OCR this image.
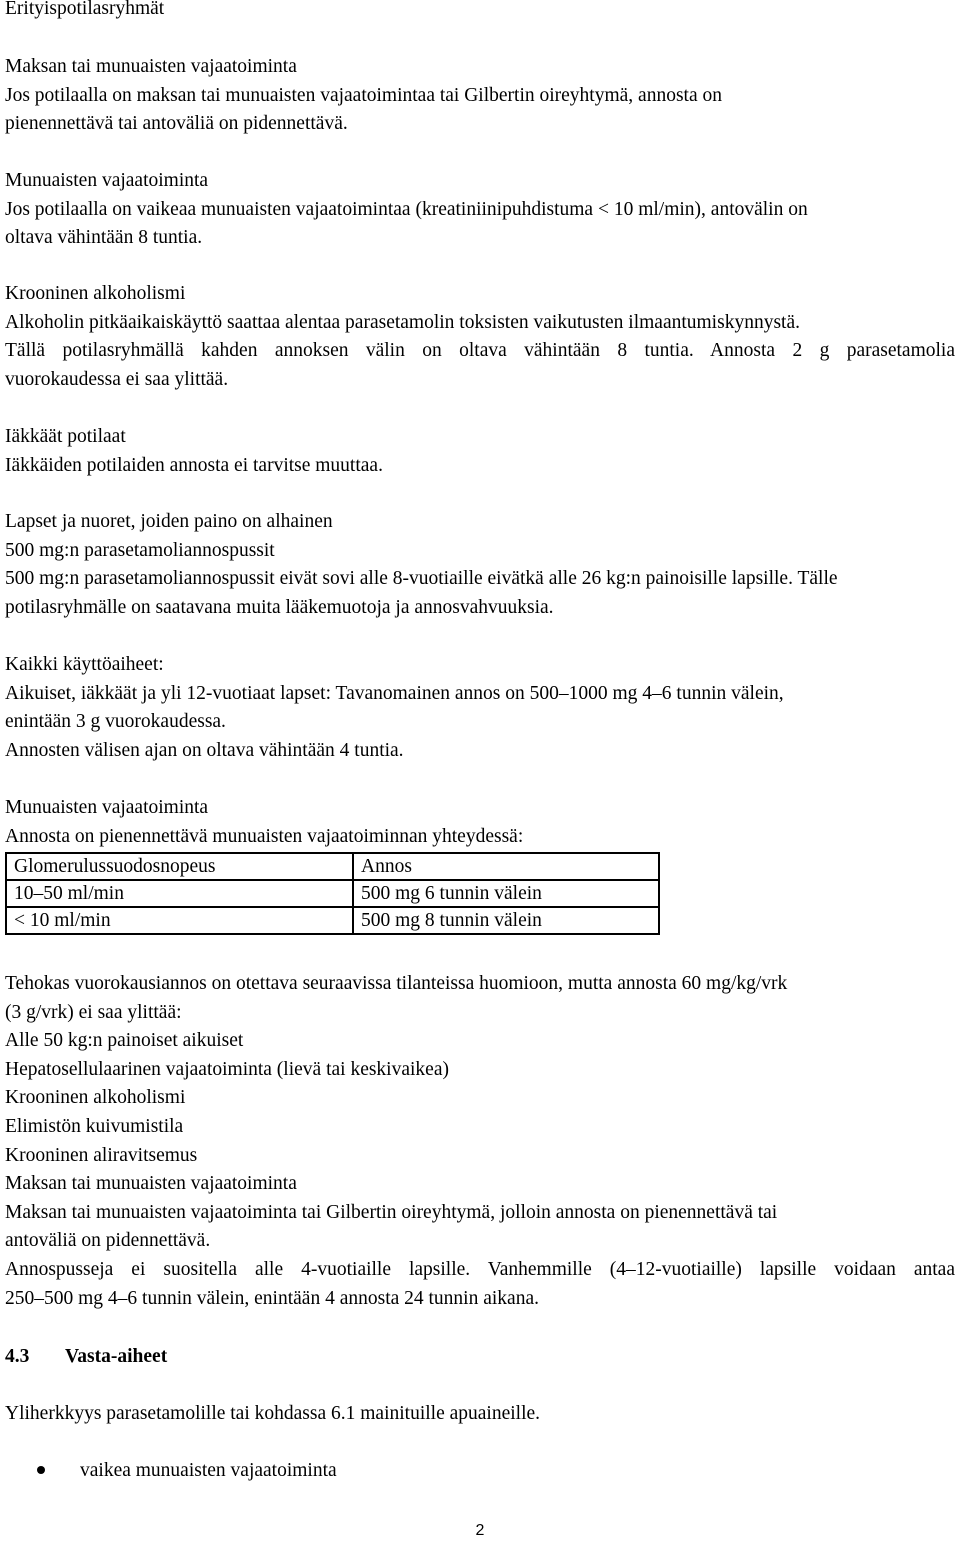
Erityispotilasryhmät
Maksan tai munuaisten vajaatoiminta
Jos potilaalla on maksan tai munuaisten vajaatoimintaa tai Gilbertin oireyhtymä, annosta on
pienennettävä tai antoväliä on pidennettävä.
Munuaisten vajaatoiminta
Jos potilaalla on vaikeaa munuaisten vajaatoimintaa (kreatiniinipuhdistuma < 10 ml/min), antovälin on
oltava vähintään 8 tuntia.
Krooninen alkoholismi
Alkoholin pitkäaikaiskäyttö saattaa alentaa parasetamolin toksisten vaikutusten ilmaantumiskynnystä.
Tällä potilasryhmällä kahden annoksen välin on oltava vähintään 8 tuntia. Annosta 2 g parasetamolia
vuorokaudessa ei saa ylittää.
Iäkkäät potilaat
Iäkkäiden potilaiden annosta ei tarvitse muuttaa.
Lapset ja nuoret, joiden paino on alhainen
500 mg:n parasetamoliannospussit
500 mg:n parasetamoliannospussit eivät sovi alle 8-vuotiaille eivätkä alle 26 kg:n painoisille lapsille. Tälle
potilasryhmälle on saatavana muita lääkemuotoja ja annosvahvuuksia.
Kaikki käyttöaiheet:
Aikuiset, iäkkäät ja yli 12-vuotiaat lapset: Tavanomainen annos on 500–1000 mg 4–6 tunnin välein,
enintään 3 g vuorokaudessa.
Annosten välisen ajan on oltava vähintään 4 tuntia.
Munuaisten vajaatoiminta
Annosta on pienennettävä munuaisten vajaatoiminnan yhteydessä:
Glomerulussuodosnopeus	Annos
10–50 ml/min	500 mg 6 tunnin välein
< 10 ml/min	500 mg 8 tunnin välein
Tehokas vuorokausiannos on otettava seuraavissa tilanteissa huomioon, mutta annosta 60 mg/kg/vrk
(3 g/vrk) ei saa ylittää:
Alle 50 kg:n painoiset aikuiset
Hepatosellulaarinen vajaatoiminta (lievä tai keskivaikea)
Krooninen alkoholismi
Elimistön kuivumistila
Krooninen aliravitsemus
Maksan tai munuaisten vajaatoiminta
Maksan tai munuaisten vajaatoiminta tai Gilbertin oireyhtymä, jolloin annosta on pienennettävä tai
antoväliä on pidennettävä.
Annospusseja ei suositella alle 4-vuotiaille lapsille. Vanhemmille (4–12-vuotiaille) lapsille voidaan antaa
250–500 mg 4–6 tunnin välein, enintään 4 annosta 24 tunnin aikana.
4.3 Vasta-aiheet
Yliherkkyys parasetamolille tai kohdassa 6.1 mainituille apuaineille.
vaikea munuaisten vajaatoiminta
2
